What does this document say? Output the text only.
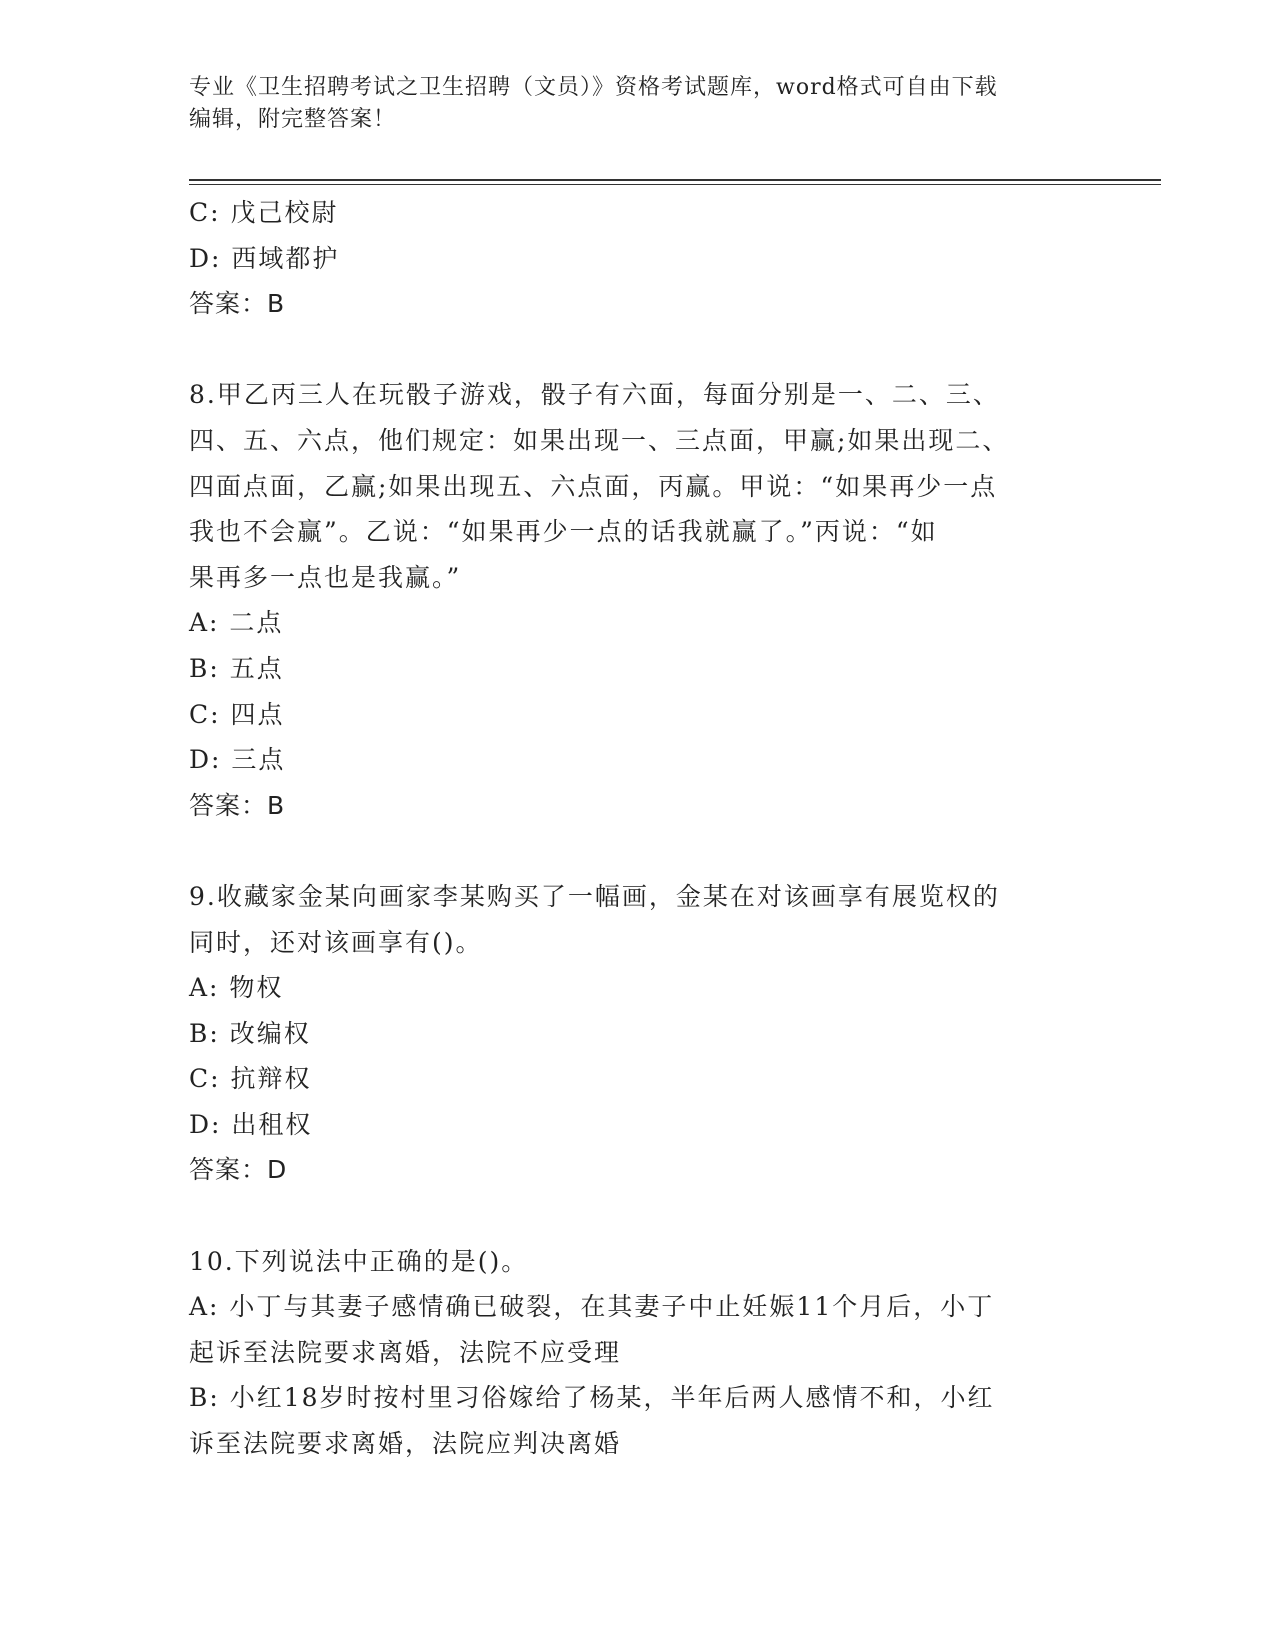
专业《卫生招聘考试之卫生招聘（文员）》资格考试题库，word格式可自由下载
编辑，附完整答案！
C: 戊己校尉
D: 西域都护
答案：B
8.甲乙丙三人在玩骰子游戏，骰子有六面，每面分别是一、二、三、
四、五、六点，他们规定：如果出现一、三点面，甲赢;如果出现二、
四面点面，乙赢;如果出现五、六点面，丙赢。甲说：“如果再少一点
我也不会赢”。乙说：“如果再少一点的话我就赢了。”丙说：“如
果再多一点也是我赢。”
A: 二点
B: 五点
C: 四点
D: 三点
答案：B
9.收藏家金某向画家李某购买了一幅画，金某在对该画享有展览权的
同时，还对该画享有()。
A: 物权
B: 改编权
C: 抗辩权
D: 出租权
答案：D
10.下列说法中正确的是()。
A: 小丁与其妻子感情确已破裂，在其妻子中止妊娠11个月后，小丁
起诉至法院要求离婚，法院不应受理
B: 小红18岁时按村里习俗嫁给了杨某，半年后两人感情不和，小红
诉至法院要求离婚，法院应判决离婚
